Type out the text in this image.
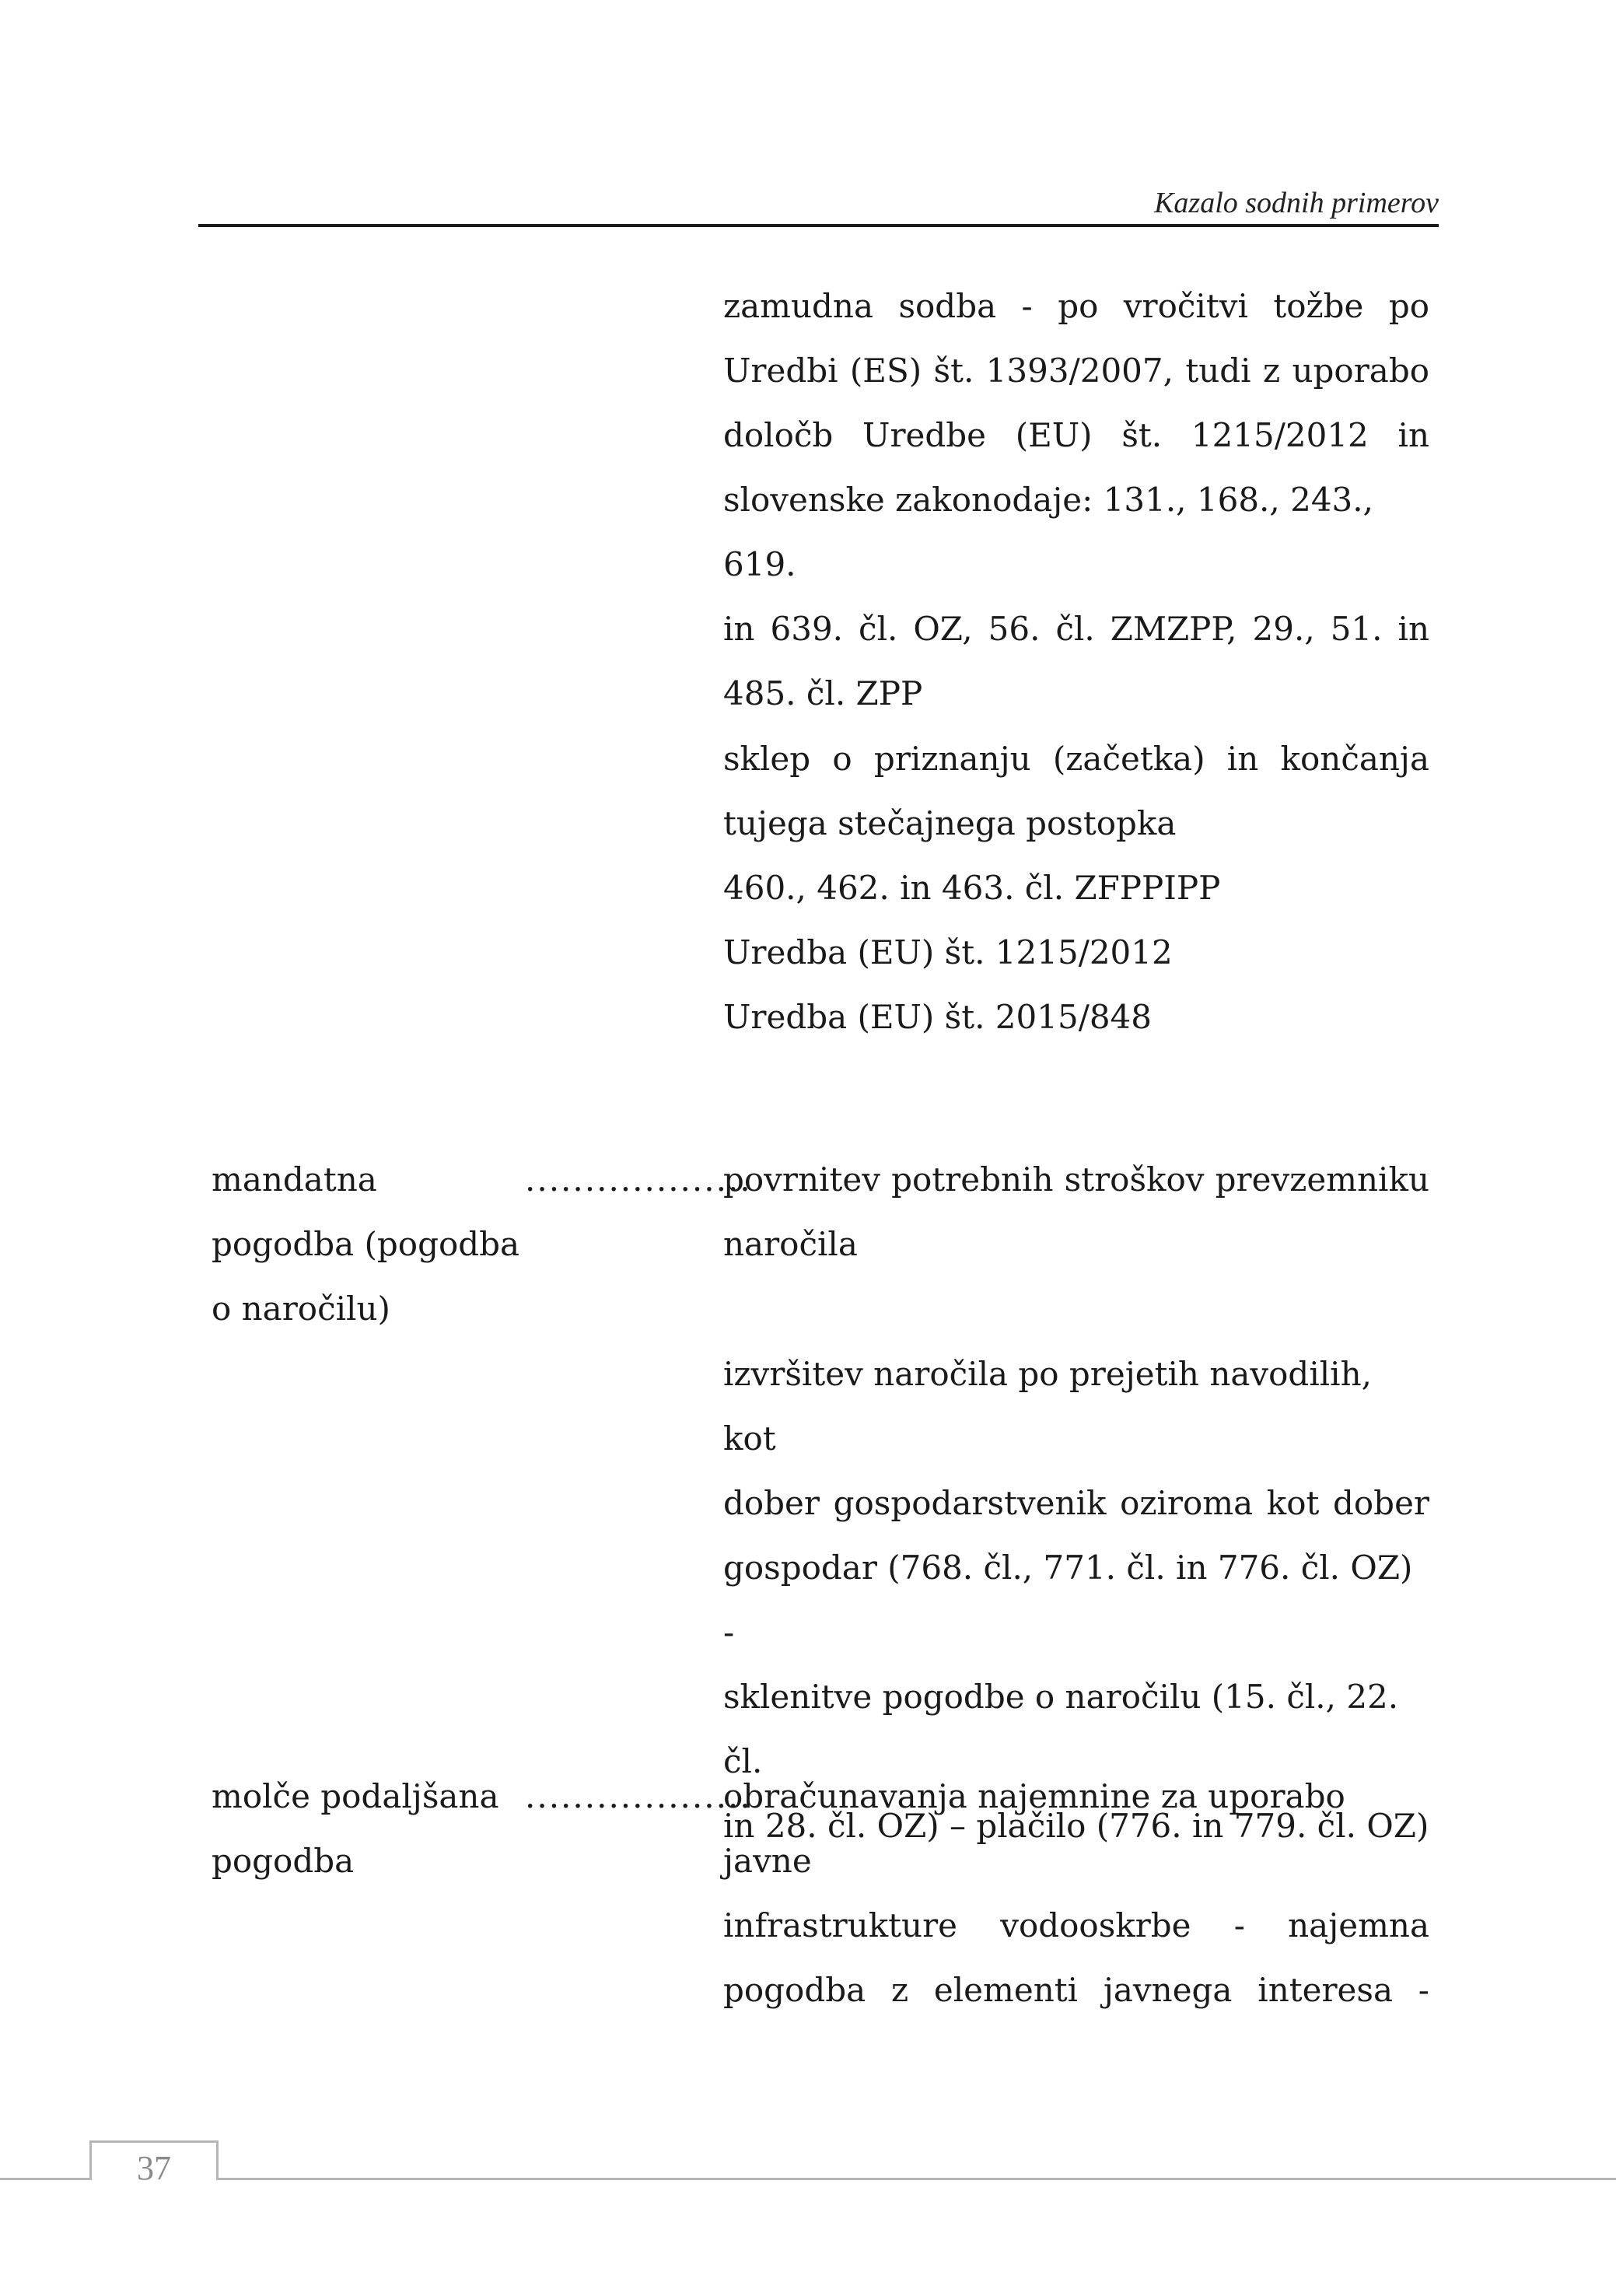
Kazalo sodnih primerov
zamudna sodba - po vročitvi tožbe po
Uredbi (ES) št. 1393/2007, tudi z uporabo
določb Uredbe (EU) št. 1215/2012 in
slovenske zakonodaje: 131., 168., 243., 619.
in 639. čl. OZ, 56. čl. ZMZPP, 29., 51. in
485. čl. ZPP
sklep o priznanju (začetka) in končanja
tujega stečajnega postopka
460., 462. in 463. čl. ZFPPIPP
Uredba (EU) št. 1215/2012
Uredba (EU) št. 2015/848
mandatna
pogodba (pogodba
o naročilu)
...................
povrnitev potrebnih stroškov prevzemniku
naročila
izvršitev naročila po prejetih navodilih, kot
dober gospodarstvenik oziroma kot dober
gospodar (768. čl., 771. čl. in 776. čl. OZ) -
sklenitve pogodbe o naročilu (15. čl., 22. čl.
in 28. čl. OZ) – plačilo (776. in 779. čl. OZ)
molče podaljšana
pogodba
...................
obračunavanja najemnine za uporabo javne
infrastrukture vodooskrbe - najemna
pogodba z elementi javnega interesa -
37
